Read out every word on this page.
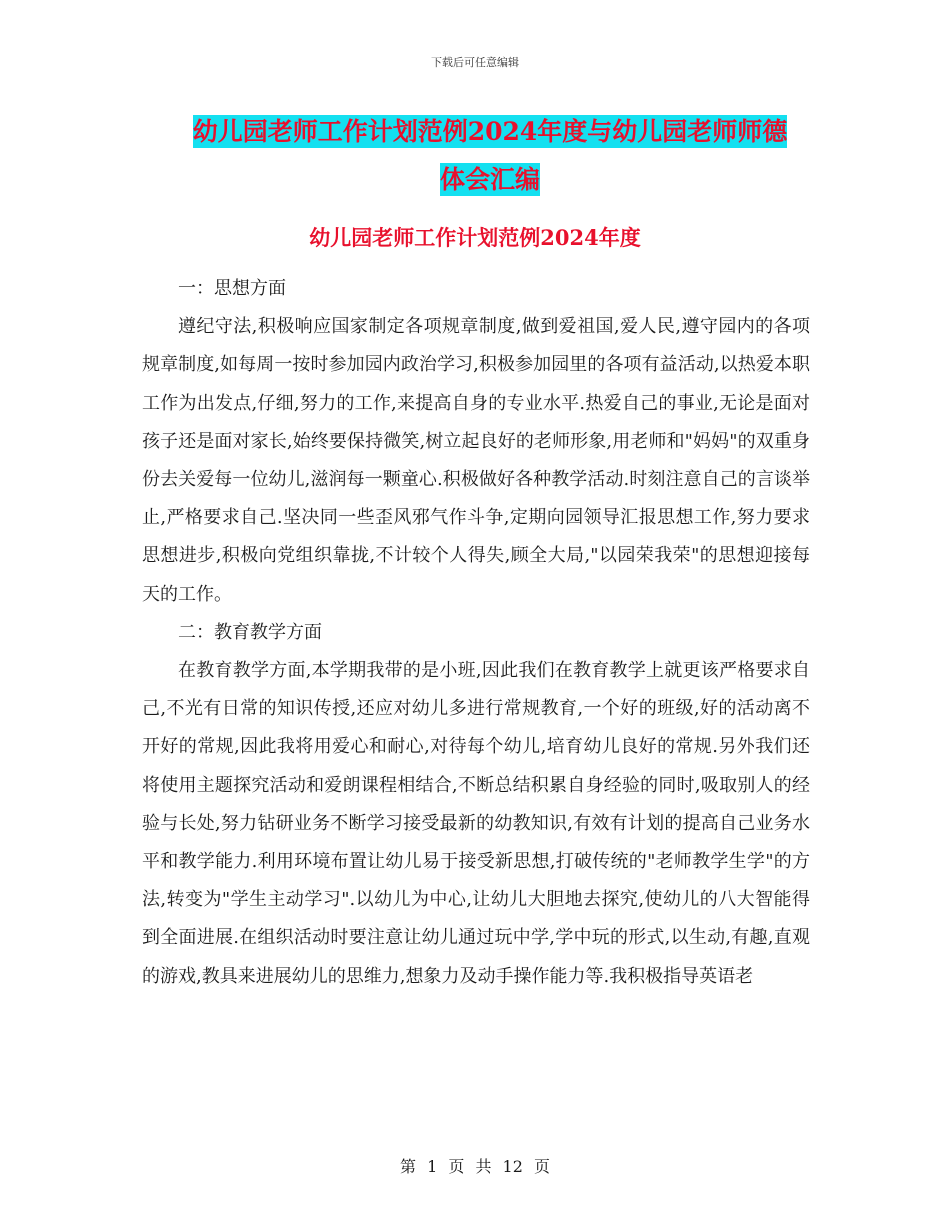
下载后可任意编辑
幼儿园老师工作计划范例2024年度与幼儿园老师师德
体会汇编
幼儿园老师工作计划范例2024年度

一：思想方面

遵纪守法,积极响应国家制定各项规章制度,做到爱祖国,爱人民,遵守园内的各项规章制度,如每周一按时参加园内政治学习,积极参加园里的各项有益活动,以热爱本职工作为出发点,仔细,努力的工作,来提高自身的专业水平.热爱自己的事业,无论是面对孩子还是面对家长,始终要保持微笑,树立起良好的老师形象,用老师和"妈妈"的双重身份去关爱每一位幼儿,滋润每一颗童心.积极做好各种教学活动.时刻注意自己的言谈举止,严格要求自己.坚决同一些歪风邪气作斗争,定期向园领导汇报思想工作,努力要求思想进步,积极向党组织靠拢,不计较个人得失,顾全大局,"以园荣我荣"的思想迎接每天的工作。

二：教育教学方面

在教育教学方面,本学期我带的是小班,因此我们在教育教学上就更该严格要求自己,不光有日常的知识传授,还应对幼儿多进行常规教育,一个好的班级,好的活动离不开好的常规,因此我将用爱心和耐心,对待每个幼儿,培育幼儿良好的常规.另外我们还将使用主题探究活动和爱朗课程相结合,不断总结积累自身经验的同时,吸取别人的经验与长处,努力钻研业务不断学习接受最新的幼教知识,有效有计划的提高自己业务水平和教学能力.利用环境布置让幼儿易于接受新思想,打破传统的"老师教学生学"的方法,转变为"学生主动学习".以幼儿为中心,让幼儿大胆地去探究,使幼儿的八大智能得到全面进展.在组织活动时要注意让幼儿通过玩中学,学中玩的形式,以生动,有趣,直观的游戏,教具来进展幼儿的思维力,想象力及动手操作能力等.我积极指导英语老

第 1 页 共 12 页
